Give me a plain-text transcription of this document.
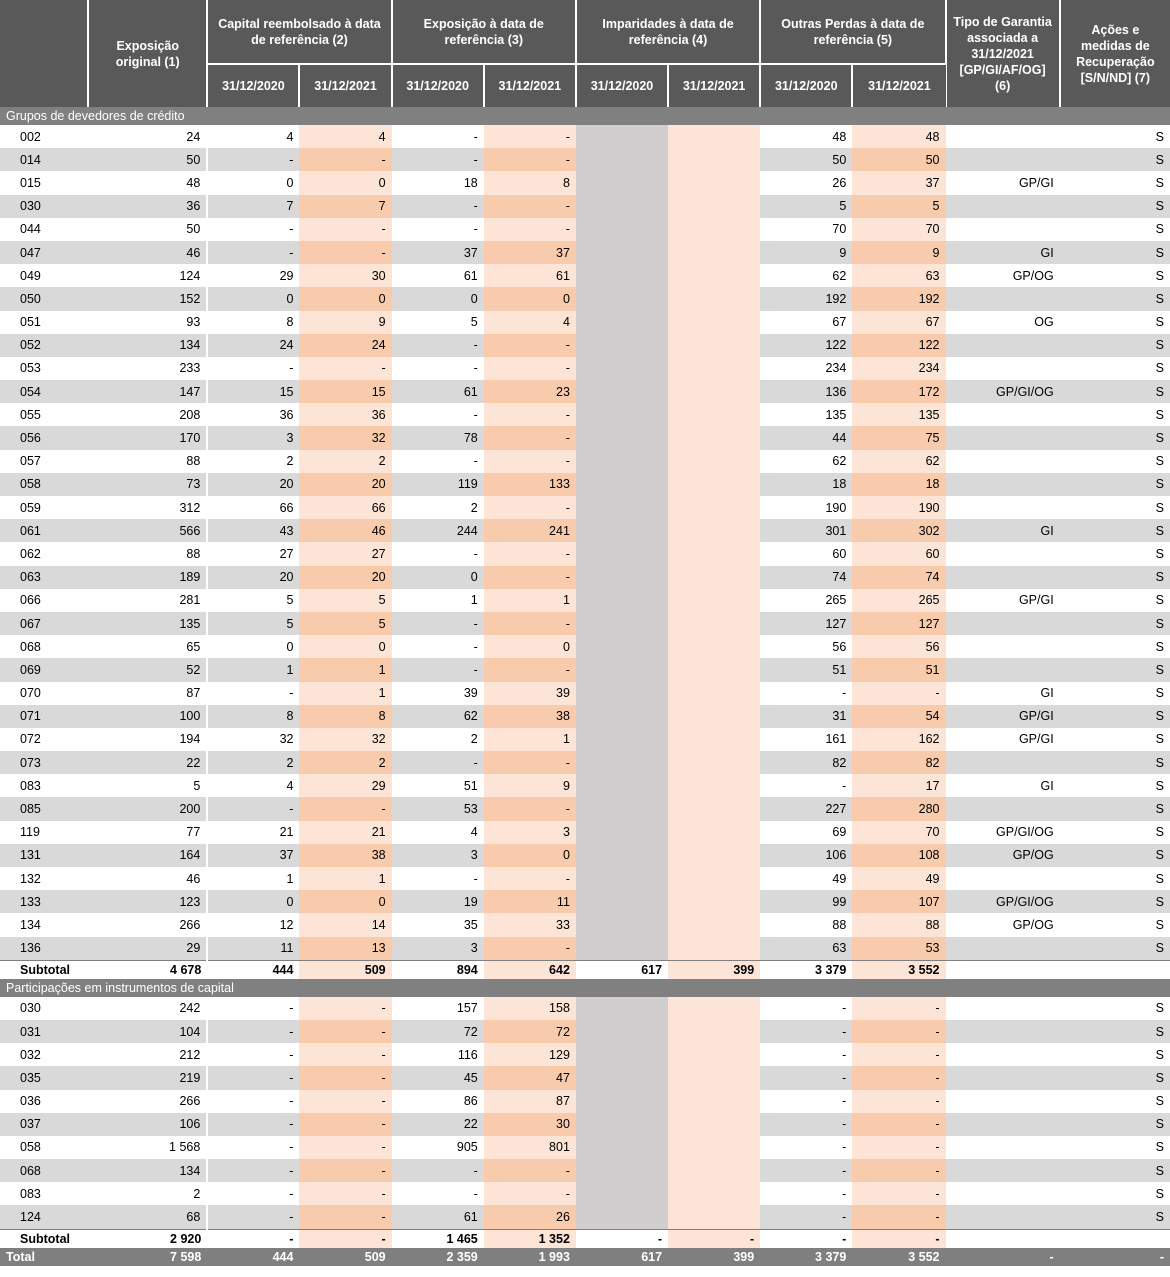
	Exposição original (1)	Capital reembolsado à data de referência (2)		Exposição à data de referência (3)		Imparidades à data de referência (4)		Outras Perdas à data de referência (5)		Tipo de Garantia associada a 31/12/2021 [GP/GI/AF/OG] (6)	Ações e medidas de Recuperação [S/N/ND] (7)
		31/12/2020	31/12/2021	31/12/2020	31/12/2021	31/12/2020	31/12/2021	31/12/2020	31/12/2021		
Grupos de devedores de crédito											
002	24	4	4	-	-			48	48		S
014	50	-	-	-	-			50	50		S
015	48	0	0	18	8			26	37	GP/GI	S
030	36	7	7	-	-			5	5		S
044	50	-	-	-	-			70	70		S
047	46	-	-	37	37			9	9	GI	S
049	124	29	30	61	61			62	63	GP/OG	S
050	152	0	0	0	0			192	192		S
051	93	8	9	5	4			67	67	OG	S
052	134	24	24	-	-			122	122		S
053	233	-	-	-	-			234	234		S
054	147	15	15	61	23			136	172	GP/GI/OG	S
055	208	36	36	-	-			135	135		S
056	170	3	32	78	-			44	75		S
057	88	2	2	-	-			62	62		S
058	73	20	20	119	133			18	18		S
059	312	66	66	2	-			190	190		S
061	566	43	46	244	241			301	302	GI	S
062	88	27	27	-	-			60	60		S
063	189	20	20	0	-			74	74		S
066	281	5	5	1	1			265	265	GP/GI	S
067	135	5	5	-	-			127	127		S
068	65	0	0	-	0			56	56		S
069	52	1	1	-	-			51	51		S
070	87	-	1	39	39			-	-	GI	S
071	100	8	8	62	38			31	54	GP/GI	S
072	194	32	32	2	1			161	162	GP/GI	S
073	22	2	2	-	-			82	82		S
083	5	4	29	51	9			-	17	GI	S
085	200	-	-	53	-			227	280		S
119	77	21	21	4	3			69	70	GP/GI/OG	S
131	164	37	38	3	0			106	108	GP/OG	S
132	46	1	1	-	-			49	49		S
133	123	0	0	19	11			99	107	GP/GI/OG	S
134	266	12	14	35	33			88	88	GP/OG	S
136	29	11	13	3	-			63	53		S
Subtotal	4 678	444	509	894	642	617	399	3 379	3 552		
Participações em instrumentos de capital											
030	242	-	-	157	158			-	-		S
031	104	-	-	72	72			-	-		S
032	212	-	-	116	129			-	-		S
035	219	-	-	45	47			-	-		S
036	266	-	-	86	87			-	-		S
037	106	-	-	22	30			-	-		S
058	1 568	-	-	905	801			-	-		S
068	134	-	-	-	-			-	-		S
083	2	-	-	-	-			-	-		S
124	68	-	-	61	26			-	-		S
Subtotal	2 920	-	-	1 465	1 352	-	-	-	-		
Total	7 598	444	509	2 359	1 993	617	399	3 379	3 552	-	-
